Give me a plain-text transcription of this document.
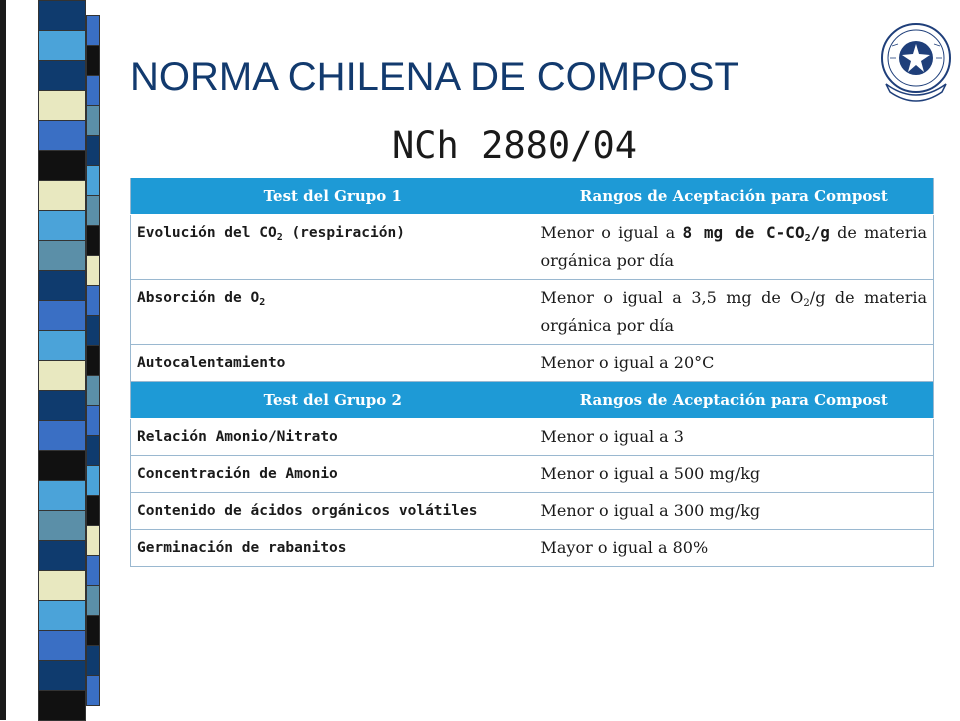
NORMA CHILENA DE COMPOST
NCh 2880/04
Test del Grupo 1	Rangos de Aceptación para Compost
Evolución del $CO_2$ (respiración)	Menor o igual a 8 mg de $C-CO_2/g$ de materia orgánica por día
Absorción de $O_2$	Menor o igual a 3,5 mg de $O_2/g$ de materia orgánica por día
Autocalentamiento	Menor o igual a 20°C
Test del Grupo 2	Rangos de Aceptación para Compost
Relación Amonio/Nitrato	Menor o igual a 3
Concentración de Amonio	Menor o igual a 500 mg/kg
Contenido de ácidos orgánicos volátiles	Menor o igual a 300 mg/kg
Germinación de rabanitos	Mayor o igual a 80%
